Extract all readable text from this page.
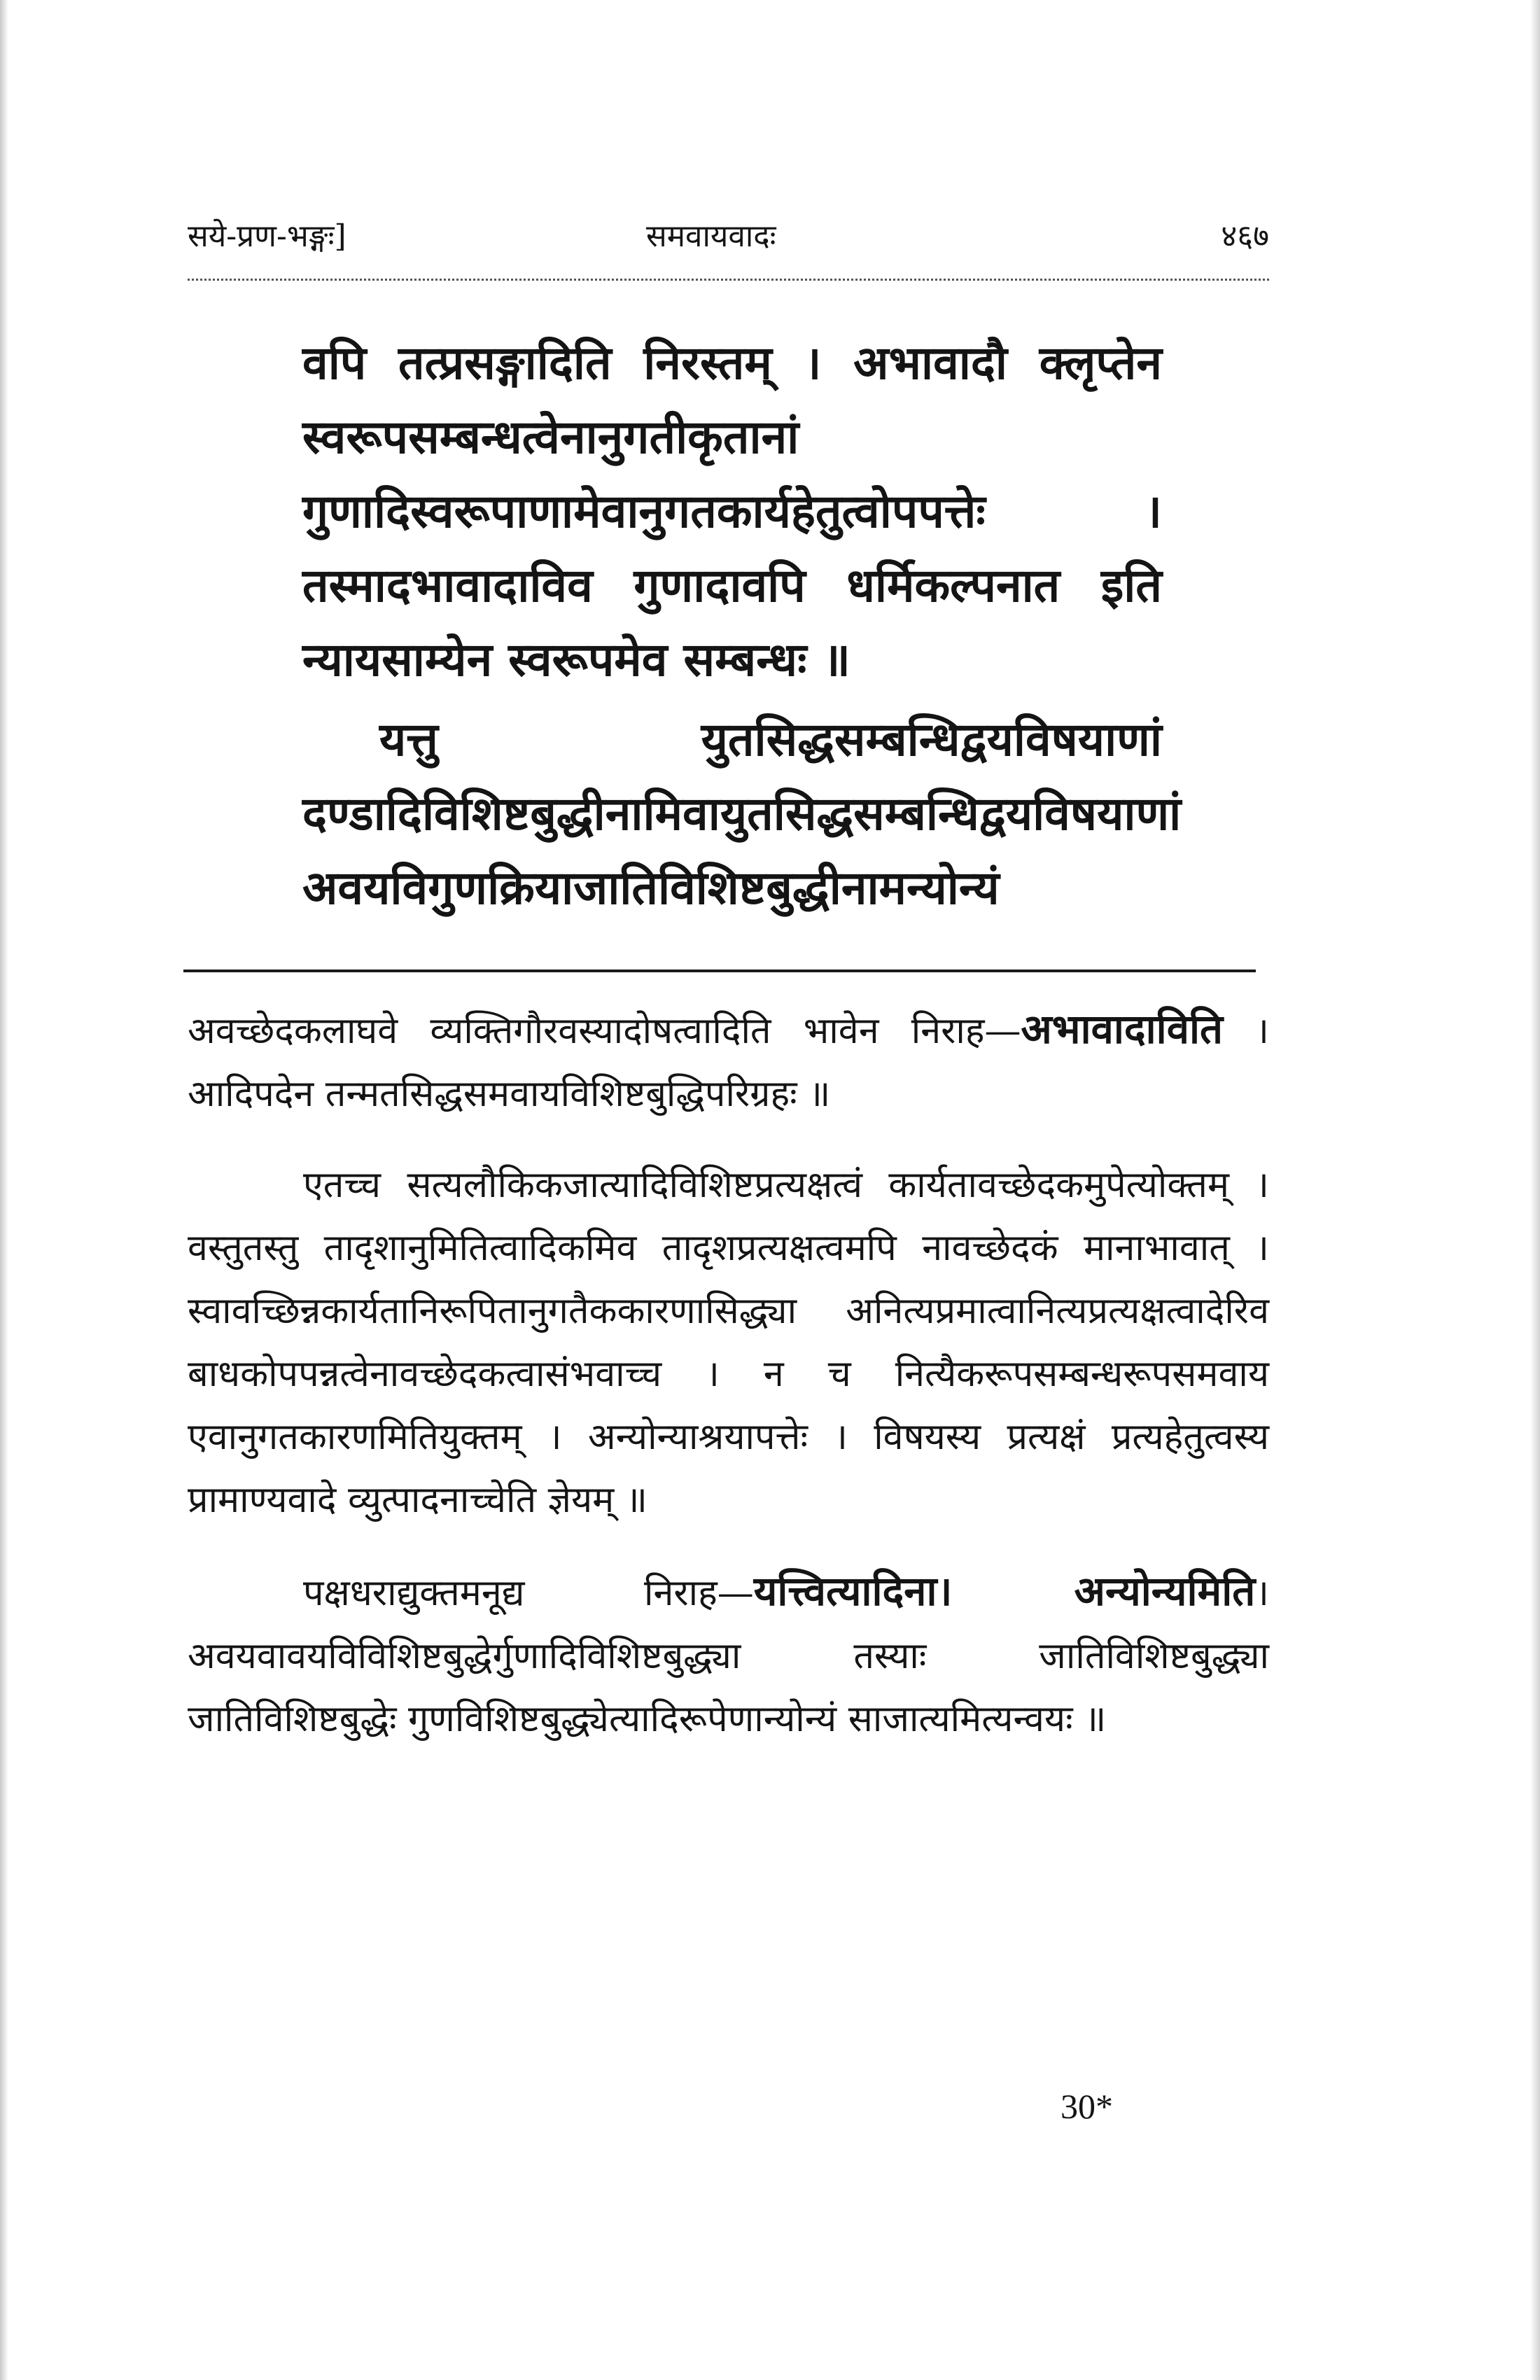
सये-प्रण-भङ्गः]	समवायवादः	४६७

वपि तत्प्रसङ्गादिति निरस्तम् । अभावादौ क्लृप्तेन स्वरूपसम्बन्धत्वेनानुगतीकृतानां गुणादिस्वरूपाणामेवानुगतकार्यहेतुत्वोपपत्तेः । तस्मादभावादाविव गुणादावपि धर्मिकल्पनात इति न्यायसाम्येन स्वरूपमेव सम्बन्धः ॥

यत्तु युतसिद्धसम्बन्धिद्वयविषयाणां दण्डादिविशिष्टबुद्धीनामिवायुतसिद्धसम्बन्धिद्वयविषयाणां अवयविगुणक्रियाजातिविशिष्टबुद्धीनामन्योन्यं

अवच्छेदकलाघवे व्यक्तिगौरवस्यादोषत्वादिति भावेन निराह—अभावादाविति । आदिपदेन तन्मतसिद्धसमवायविशिष्टबुद्धिपरिग्रहः ॥

एतच्च सत्यलौकिकजात्यादिविशिष्टप्रत्यक्षत्वं कार्यतावच्छेदकमुपेत्योक्तम् । वस्तुतस्तु तादृशानुमितित्वादिकमिव तादृशप्रत्यक्षत्वमपि नावच्छेदकं मानाभावात् । स्वावच्छिन्नकार्यतानिरूपितानुगतैककारणासिद्ध्या अनित्यप्रमात्वानित्यप्रत्यक्षत्वादेरिव बाधकोपपन्नत्वेनावच्छेदकत्वासंभवाच्च । न च नित्यैकरूपसम्बन्धरूपसमवाय एवानुगतकारणमितियुक्तम् । अन्योन्याश्रयापत्तेः । विषयस्य प्रत्यक्षं प्रत्यहेतुत्वस्य प्रामाण्यवादे व्युत्पादनाच्चेति ज्ञेयम् ॥

पक्षधराद्युक्तमनूद्य निराह—यत्त्वित्यादिना। अन्योन्यमिति। अवयवावयविविशिष्टबुद्धेर्गुणादिविशिष्टबुद्ध्या तस्याः जातिविशिष्टबुद्ध्या जातिविशिष्टबुद्धेः गुणविशिष्टबुद्ध्येत्यादिरूपेणान्योन्यं साजात्यमित्यन्वयः ॥

30*
